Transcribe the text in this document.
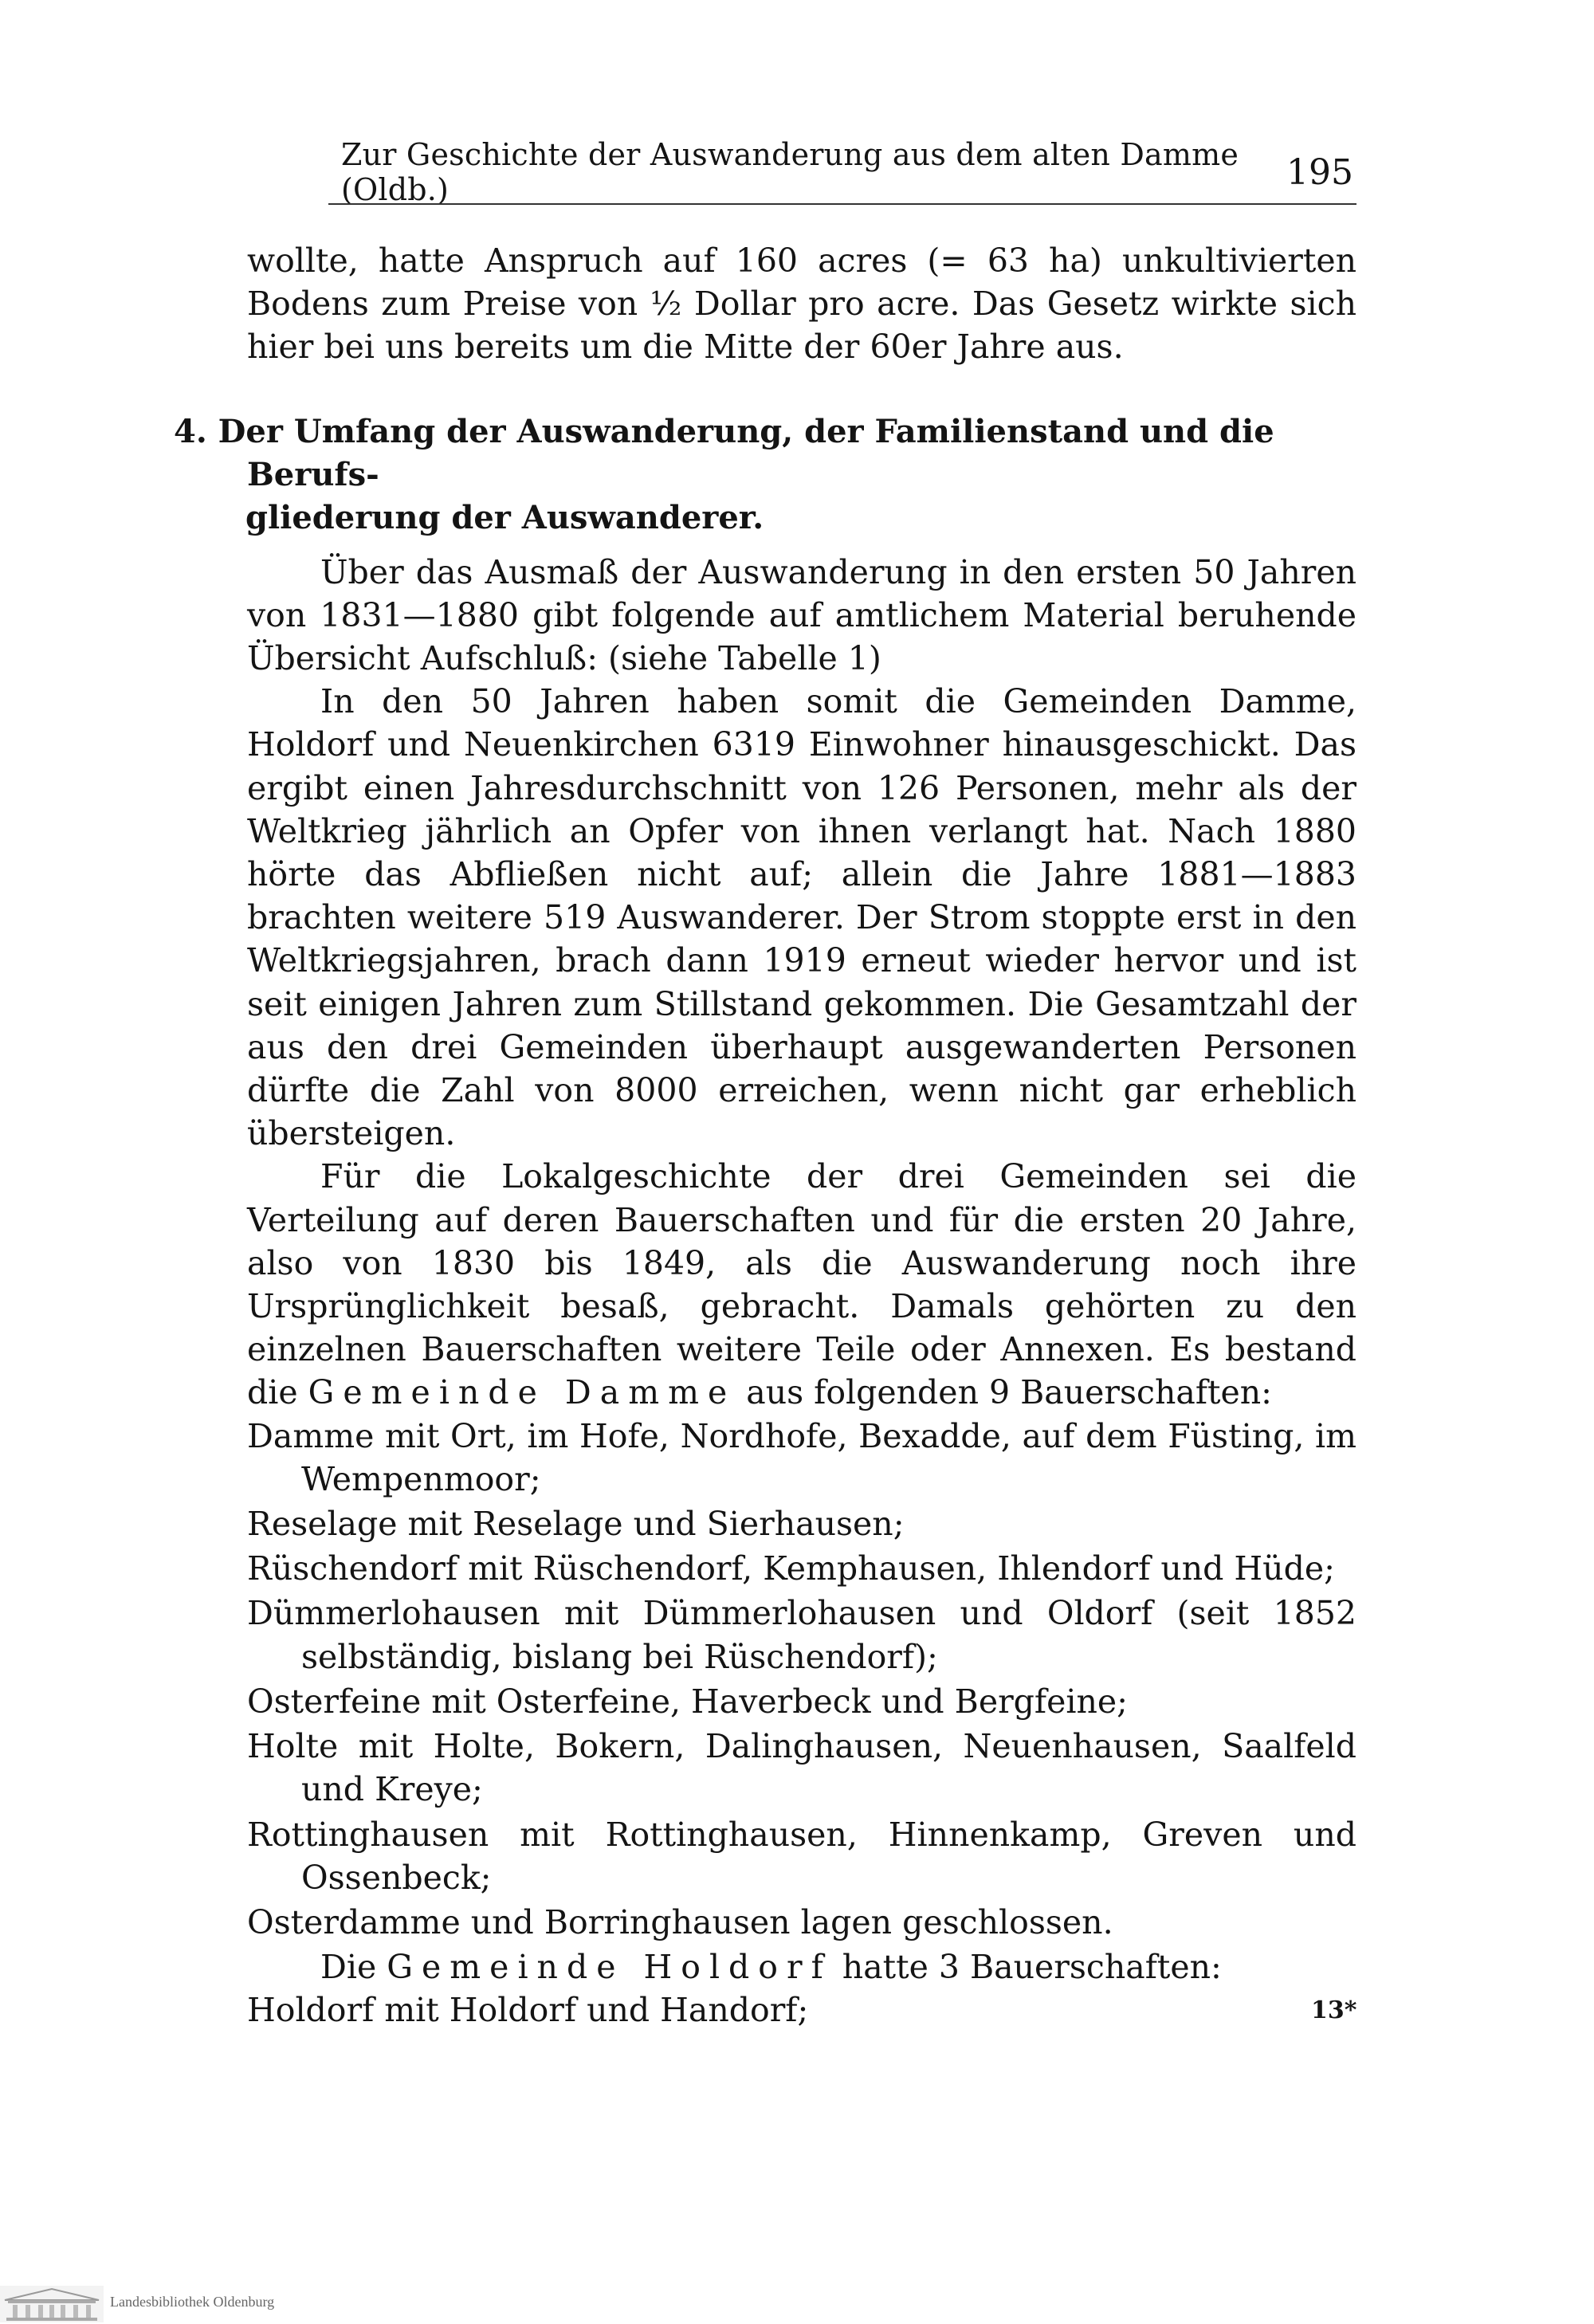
Zur Geschichte der Auswanderung aus dem alten Damme (Oldb.)	195

wollte, hatte Anspruch auf 160 acres (= 63 ha) unkultivierten Bodens zum Preise von ½ Dollar pro acre. Das Gesetz wirkte sich hier bei uns bereits um die Mitte der 60er Jahre aus.

4. Der Umfang der Auswanderung, der Familienstand und die Berufs-
gliederung der Auswanderer.

Über das Ausmaß der Auswanderung in den ersten 50 Jahren von 1831—1880 gibt folgende auf amtlichem Material beruhende Übersicht Aufschluß: (siehe Tabelle 1)

In den 50 Jahren haben somit die Gemeinden Damme, Holdorf und Neuenkirchen 6319 Einwohner hinausgeschickt. Das ergibt einen Jahresdurchschnitt von 126 Personen, mehr als der Weltkrieg jährlich an Opfer von ihnen verlangt hat. Nach 1880 hörte das Abfließen nicht auf; allein die Jahre 1881—1883 brachten weitere 519 Auswanderer. Der Strom stoppte erst in den Weltkriegsjahren, brach dann 1919 erneut wieder hervor und ist seit einigen Jahren zum Stillstand gekommen. Die Gesamtzahl der aus den drei Gemeinden überhaupt ausgewanderten Personen dürfte die Zahl von 8000 erreichen, wenn nicht gar erheblich übersteigen.

Für die Lokalgeschichte der drei Gemeinden sei die Verteilung auf deren Bauerschaften und für die ersten 20 Jahre, also von 1830 bis 1849, als die Auswanderung noch ihre Ursprünglichkeit besaß, gebracht. Damals gehörten zu den einzelnen Bauerschaften weitere Teile oder Annexen. Es bestand die Gemeinde Damme aus folgenden 9 Bauerschaften:

Damme mit Ort, im Hofe, Nordhofe, Bexadde, auf dem Füsting, im Wempenmoor;
Reselage mit Reselage und Sierhausen;
Rüschendorf mit Rüschendorf, Kemphausen, Ihlendorf und Hüde;
Dümmerlohausen mit Dümmerlohausen und Oldorf (seit 1852 selbständig, bislang bei Rüschendorf);
Osterfeine mit Osterfeine, Haverbeck und Bergfeine;
Holte mit Holte, Bokern, Dalinghausen, Neuenhausen, Saalfeld und Kreye;
Rottinghausen mit Rottinghausen, Hinnenkamp, Greven und Ossenbeck;
Osterdamme und Borringhausen lagen geschlossen.

Die Gemeinde Holdorf hatte 3 Bauerschaften:

Holdorf mit Holdorf und Handorf;	13*
Landesbibliothek Oldenburg
